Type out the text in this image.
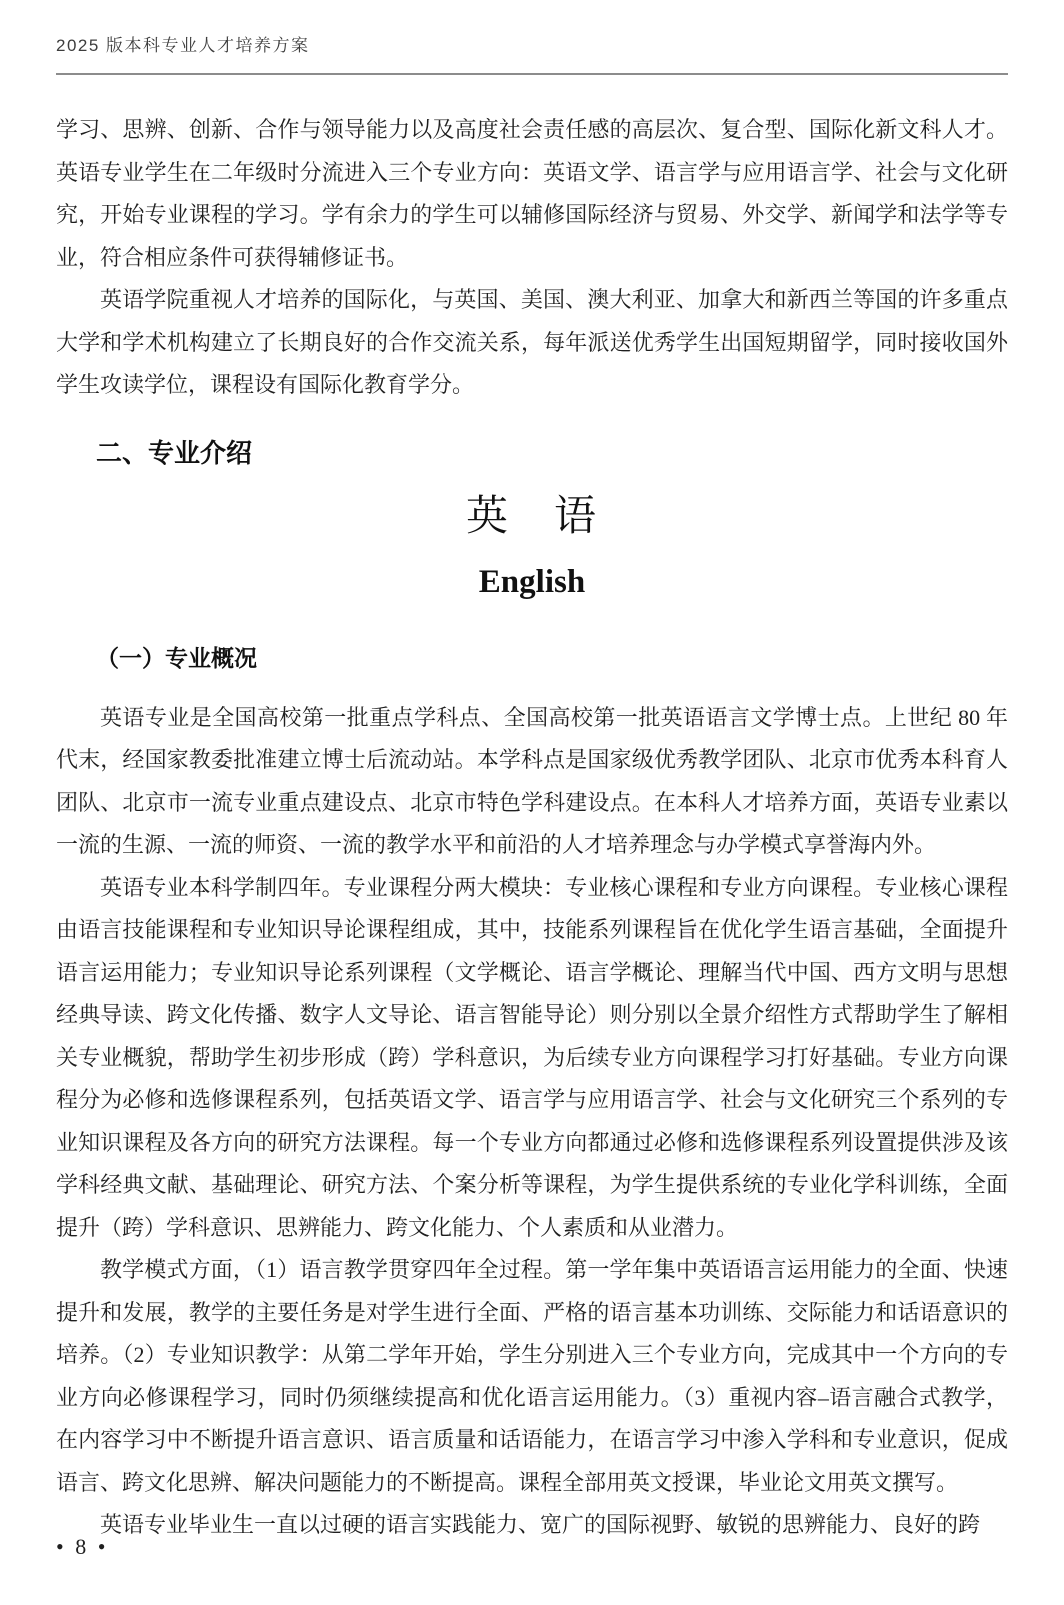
2025 版本科专业人才培养方案

学习、思辨、创新、合作与领导能力以及高度社会责任感的高层次、复合型、国际化新文科人才。英语专业学生在二年级时分流进入三个专业方向：英语文学、语言学与应用语言学、社会与文化研究，开始专业课程的学习。学有余力的学生可以辅修国际经济与贸易、外交学、新闻学和法学等专业，符合相应条件可获得辅修证书。

英语学院重视人才培养的国际化，与英国、美国、澳大利亚、加拿大和新西兰等国的许多重点大学和学术机构建立了长期良好的合作交流关系，每年派送优秀学生出国短期留学，同时接收国外学生攻读学位，课程设有国际化教育学分。

二、专业介绍
英　语
English
（一）专业概况

英语专业是全国高校第一批重点学科点、全国高校第一批英语语言文学博士点。上世纪 80 年代末，经国家教委批准建立博士后流动站。本学科点是国家级优秀教学团队、北京市优秀本科育人团队、北京市一流专业重点建设点、北京市特色学科建设点。在本科人才培养方面，英语专业素以一流的生源、一流的师资、一流的教学水平和前沿的人才培养理念与办学模式享誉海内外。

英语专业本科学制四年。专业课程分两大模块：专业核心课程和专业方向课程。专业核心课程由语言技能课程和专业知识导论课程组成，其中，技能系列课程旨在优化学生语言基础，全面提升语言运用能力；专业知识导论系列课程（文学概论、语言学概论、理解当代中国、西方文明与思想经典导读、跨文化传播、数字人文导论、语言智能导论）则分别以全景介绍性方式帮助学生了解相关专业概貌，帮助学生初步形成（跨）学科意识，为后续专业方向课程学习打好基础。专业方向课程分为必修和选修课程系列，包括英语文学、语言学与应用语言学、社会与文化研究三个系列的专业知识课程及各方向的研究方法课程。每一个专业方向都通过必修和选修课程系列设置提供涉及该学科经典文献、基础理论、研究方法、个案分析等课程，为学生提供系统的专业化学科训练，全面提升（跨）学科意识、思辨能力、跨文化能力、个人素质和从业潜力。

教学模式方面，（1）语言教学贯穿四年全过程。第一学年集中英语语言运用能力的全面、快速提升和发展，教学的主要任务是对学生进行全面、严格的语言基本功训练、交际能力和话语意识的培养。（2）专业知识教学：从第二学年开始，学生分别进入三个专业方向，完成其中一个方向的专业方向必修课程学习，同时仍须继续提高和优化语言运用能力。（3）重视内容–语言融合式教学，在内容学习中不断提升语言意识、语言质量和话语能力，在语言学习中渗入学科和专业意识，促成语言、跨文化思辨、解决问题能力的不断提高。课程全部用英文授课，毕业论文用英文撰写。

英语专业毕业生一直以过硬的语言实践能力、宽广的国际视野、敏锐的思辨能力、良好的跨

• 8 •
